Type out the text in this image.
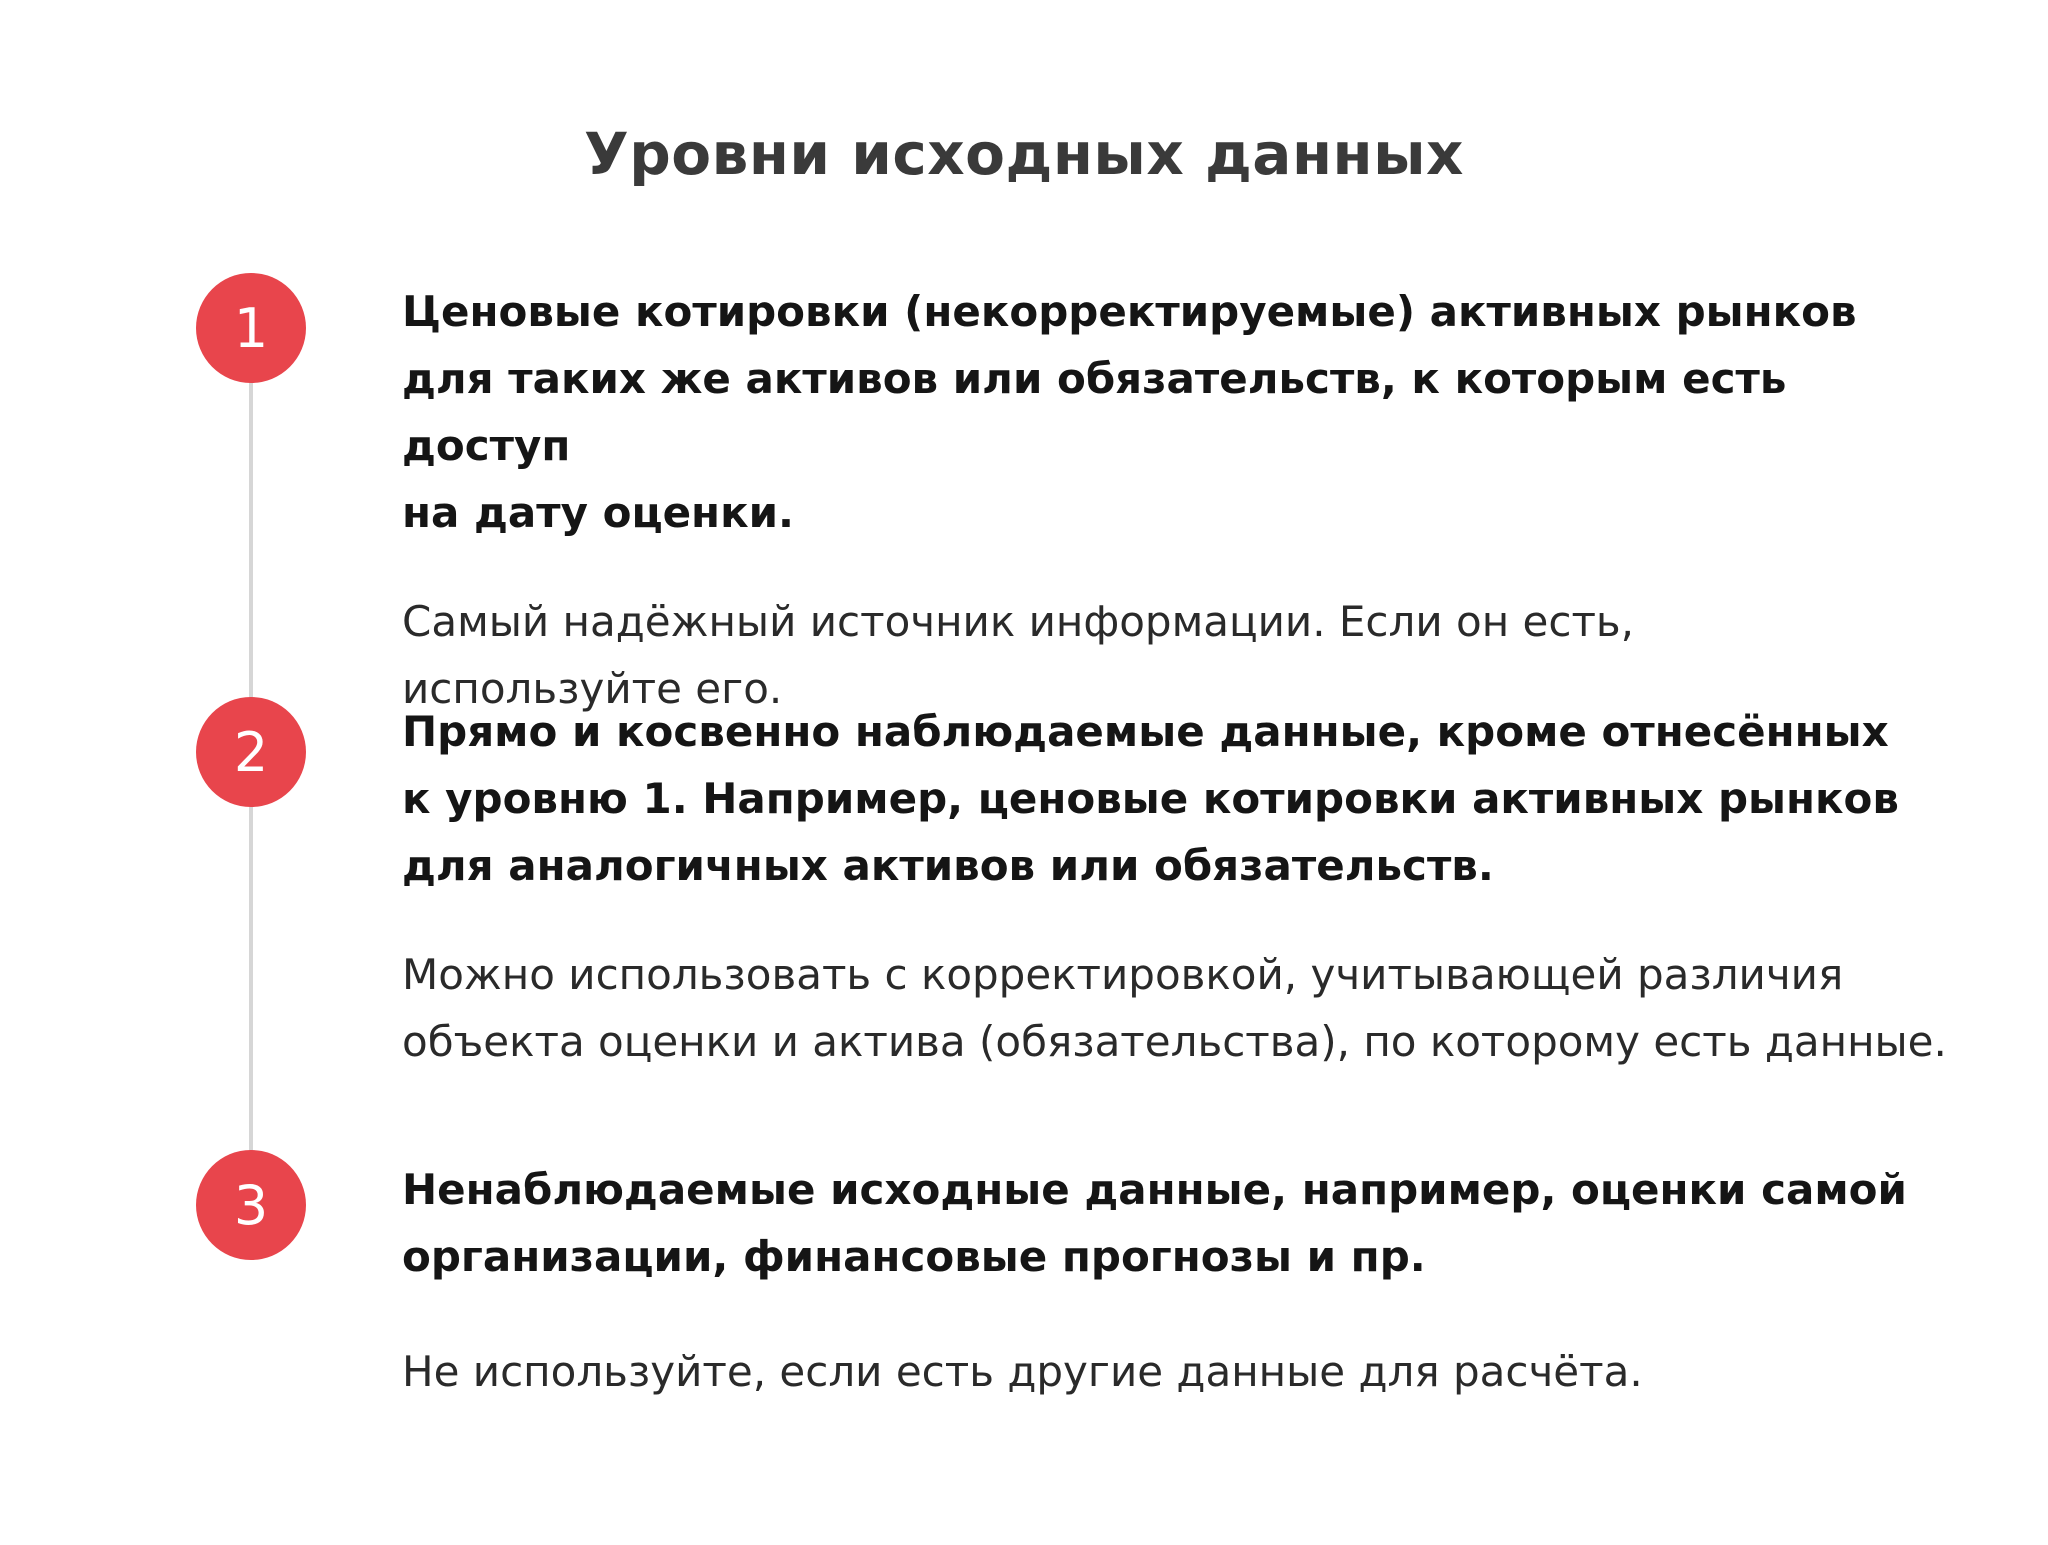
Уровни исходных данных
1
2
3

Ценовые котировки (некорректируемые) активных рынков
для таких же активов или обязательств, к которым есть доступ
на дату оценки.

Самый надёжный источник информации. Если он есть,
используйте его.

Прямо и косвенно наблюдаемые данные, кроме отнесённых
к уровню 1. Например, ценовые котировки активных рынков
для аналогичных активов или обязательств.

Можно использовать с корректировкой, учитывающей различия
объекта оценки и актива (обязательства), по которому есть данные.

Ненаблюдаемые исходные данные, например, оценки самой
организации, финансовые прогнозы и пр.

Не используйте, если есть другие данные для расчёта.
